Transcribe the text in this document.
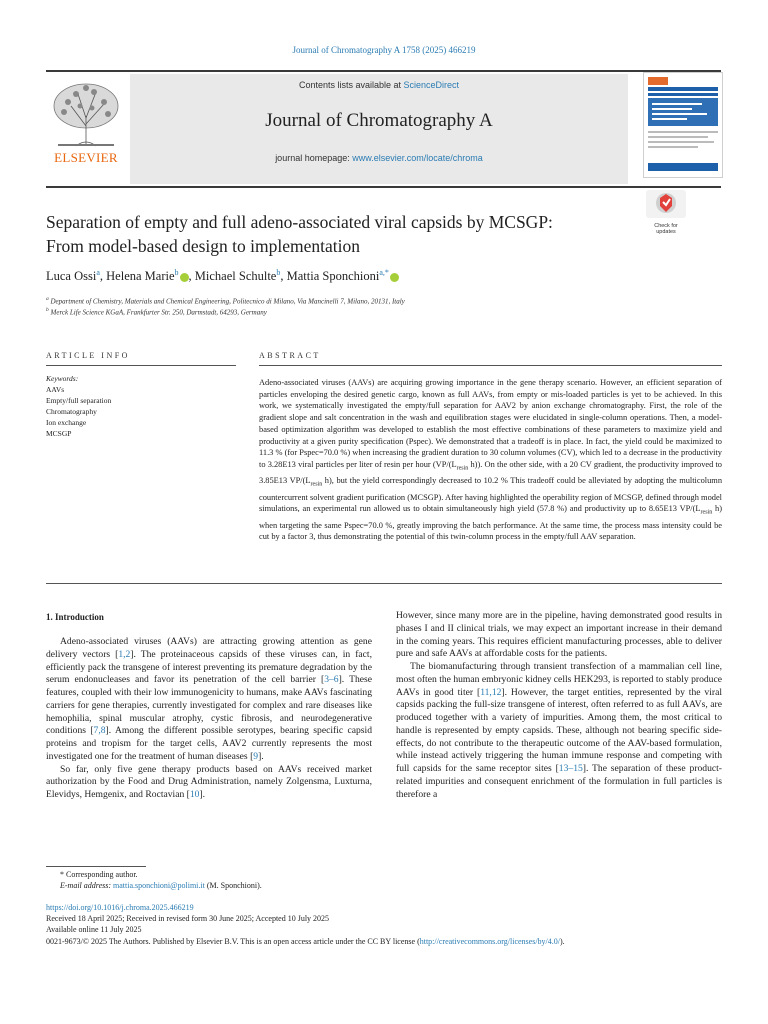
Journal of Chromatography A 1758 (2025) 466219
ELSEVIER
Contents lists available at ScienceDirect
Journal of Chromatography A
journal homepage: www.elsevier.com/locate/chroma
Check for
updates
Separation of empty and full adeno-associated viral capsids by MCSGP:
From model-based design to implementation
Luca Ossi$^a$, Helena Marie$^b$ , Michael Schulte$^b$, Mattia Sponchioni$^{a,*}$
$^a$ Department of Chemistry, Materials and Chemical Engineering, Politecnico di Milano, Via Mancinelli 7, Milano, 20131, Italy
$^b$ Merck Life Science KGaA, Frankfurter Str. 250, Darmstadt, 64293, Germany
ARTICLE INFO	ABSTRACT
Keywords:
AAVs
Empty/full separation
Chromatography
Ion exchange
MCSGP
Adeno-associated viruses (AAVs) are acquiring growing importance in the gene therapy scenario. However, an efficient separation of particles enveloping the desired genetic cargo, known as full AAVs, from empty or mis-loaded particles is yet to be achieved. In this work, we systematically investigated the empty/full separation for AAV2 by anion exchange chromatography. First, the role of the gradient slope and salt concentration in the wash and equilibration stages were elucidated in single-column operations. Then, a model-based optimization algorithm was developed to establish the most effective combinations of these parameters to maximize yield and productivity at a given purity specification (Pspec). We demonstrated that a tradeoff is in place. In fact, the yield could be maximized to 11.3 % (for Pspec=70.0 %) when increasing the gradient duration to 30 column volumes (CV), which led to a decrease in the productivity to 3.28E13 viral particles per liter of resin per hour ($VP/(L_{resin}$ h)). On the other side, with a 20 CV gradient, the productivity improved to 3.85E13 $VP/(L_{resin}$ h), but the yield correspondingly decreased to 10.2 % This tradeoff could be alleviated by adopting the multicolumn countercurrent solvent gradient purification (MCSGP). After having highlighted the operability region of MCSGP, defined through model simulations, an experimental run allowed us to obtain simultaneously high yield (57.8 %) and productivity up to 8.65E13 $VP/(L_{resin}$ h) when targeting the same Pspec=70.0 %, greatly improving the batch performance. At the same time, the process mass intensity could be cut by a factor 3, thus demonstrating the potential of this twin-column process in the empty/full AAV separation.
1. Introduction

Adeno-associated viruses (AAVs) are attracting growing attention as gene delivery vectors [1,2]. The proteinaceous capsids of these viruses can, in fact, efficiently pack the transgene of interest preventing its premature degradation by the serum endonucleases and favor its penetration of the cell barrier [3–6]. These features, coupled with their low immunogenicity to humans, make AAVs fascinating carriers for gene therapies, currently investigated for complex and rare diseases like hemophilia, spinal muscular atrophy, cystic fibrosis, and neurodegenerative conditions [7,8]. Among the different possible serotypes, bearing specific capsid proteins and tropism for the target cells, AAV2 currently represents the most investigated one for the treatment of human diseases [9].

So far, only five gene therapy products based on AAVs received market authorization by the Food and Drug Administration, namely Zolgensma, Luxturna, Elevidys, Hemgenix, and Roctavian [10].

However, since many more are in the pipeline, having demonstrated good results in phases I and II clinical trials, we may expect an important increase in their demand in the coming years. This requires efficient manufacturing processes, able to deliver pure and safe AAVs at affordable costs for the patients.

The biomanufacturing through transient transfection of a mammalian cell line, most often the human embryonic kidney cells HEK293, is reported to stably produce AAVs in good titer [11,12]. However, the target entities, represented by the viral capsids packing the full-size transgene of interest, often referred to as full AAVs, are produced together with a variety of impurities. Among them, the most critical to handle is represented by empty capsids. These, although not bearing specific side-effects, do not contribute to the therapeutic outcome of the AAV-based formulation, while instead actively triggering the human immune response and competing with full capsids for the same receptor sites [13–15]. The separation of these product-related impurities and consequent enrichment of the formulation in full particles is therefore a

* Corresponding author.
E-mail address: mattia.sponchioni@polimi.it (M. Sponchioni).
https://doi.org/10.1016/j.chroma.2025.466219
Received 18 April 2025; Received in revised form 30 June 2025; Accepted 10 July 2025
Available online 11 July 2025
0021-9673/© 2025 The Authors. Published by Elsevier B.V. This is an open access article under the CC BY license (http://creativecommons.org/licenses/by/4.0/).
